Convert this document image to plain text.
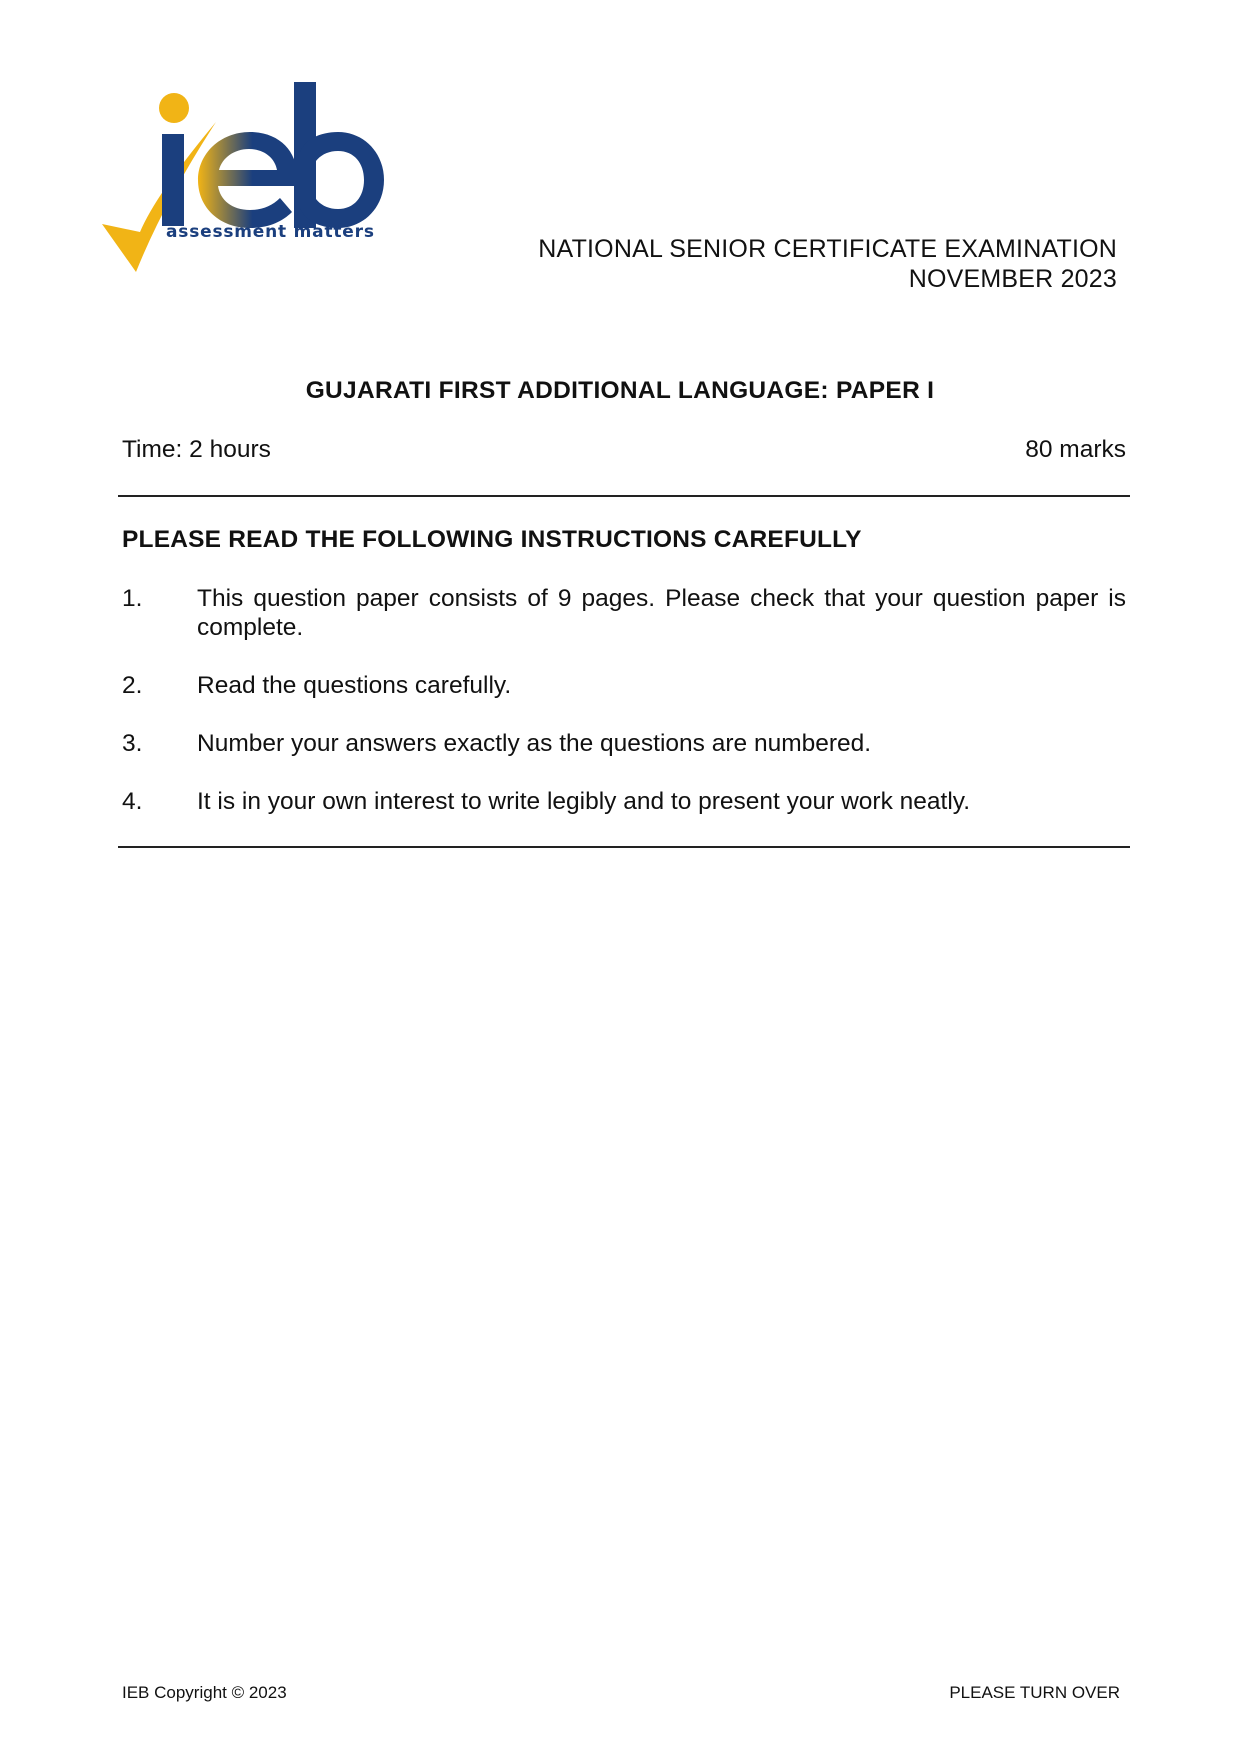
assessment matters
NATIONAL SENIOR CERTIFICATE EXAMINATION
NOVEMBER 2023
GUJARATI FIRST ADDITIONAL LANGUAGE: PAPER I
Time: 2 hours	80 marks
PLEASE READ THE FOLLOWING INSTRUCTIONS CAREFULLY
1.	This question paper consists of 9 pages. Please check that your question paper is complete.
2.	Read the questions carefully.
3.	Number your answers exactly as the questions are numbered.
4.	It is in your own interest to write legibly and to present your work neatly.
IEB Copyright © 2023	PLEASE TURN OVER
